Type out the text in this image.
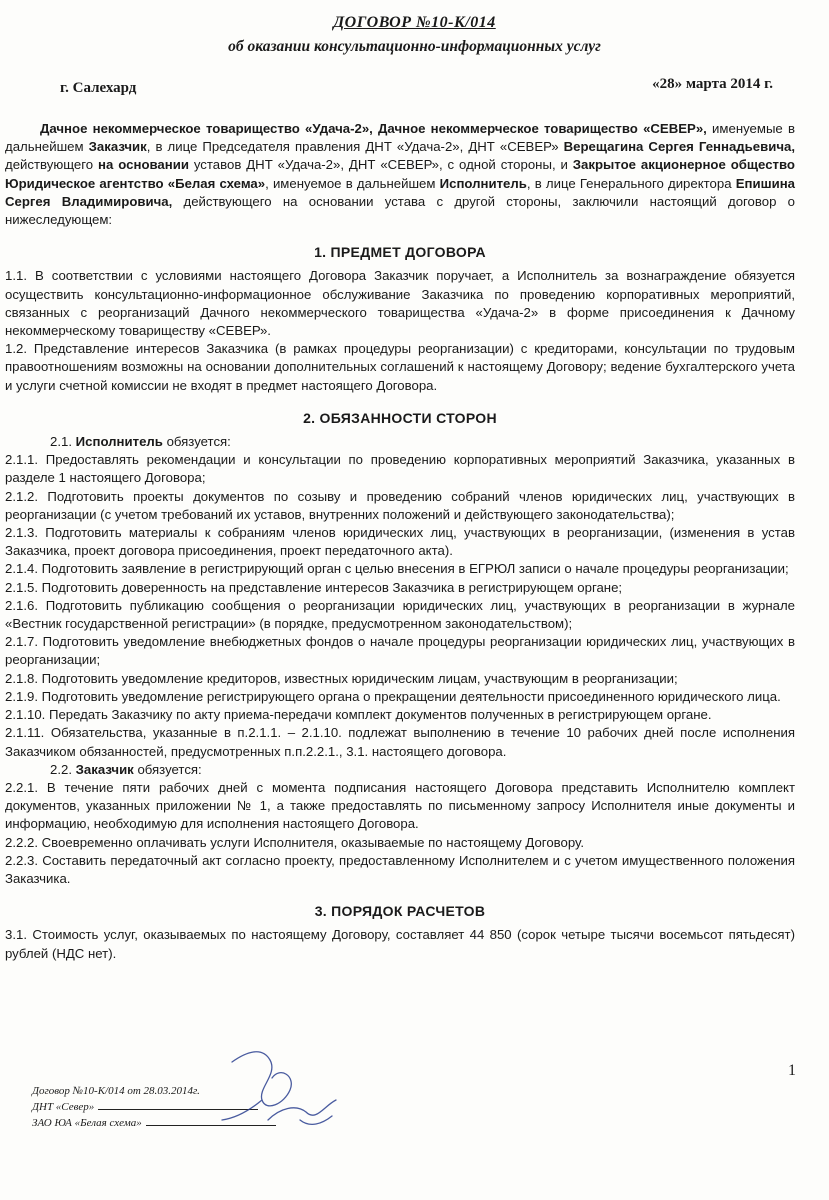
ДОГОВОР №10-К/014
об оказании консультационно-информационных услуг
г. Салехард	«28» марта 2014 г.

Дачное некоммерческое товарищество «Удача-2», Дачное некоммерческое товарищество «СЕВЕР», именуемые в дальнейшем Заказчик, в лице Председателя правления ДНТ «Удача-2», ДНТ «СЕВЕР» Верещагина Сергея Геннадьевича, действующего на основании уставов ДНТ «Удача-2», ДНТ «СЕВЕР», с одной стороны, и Закрытое акционерное общество Юридическое агентство «Белая схема», именуемое в дальнейшем Исполнитель, в лице Генерального директора Епишина Сергея Владимировича, действующего на основании устава с другой стороны, заключили настоящий договор о нижеследующем:

1. ПРЕДМЕТ ДОГОВОРА

1.1. В соответствии с условиями настоящего Договора Заказчик поручает, а Исполнитель за вознаграждение обязуется осуществить консультационно-информационное обслуживание Заказчика по проведению корпоративных мероприятий, связанных с реорганизаций Дачного некоммерческого товарищества «Удача-2» в форме присоединения к Дачному некоммерческому товариществу «СЕВЕР».

1.2. Представление интересов Заказчика (в рамках процедуры реорганизации) с кредиторами, консультации по трудовым правоотношениям возможны на основании дополнительных соглашений к настоящему Договору; ведение бухгалтерского учета и услуги счетной комиссии не входят в предмет настоящего Договора.

2. ОБЯЗАННОСТИ СТОРОН

2.1. Исполнитель обязуется:

2.1.1. Предоставлять рекомендации и консультации по проведению корпоративных мероприятий Заказчика, указанных в разделе 1 настоящего Договора;

2.1.2. Подготовить проекты документов по созыву и проведению собраний членов юридических лиц, участвующих в реорганизации (с учетом требований их уставов, внутренних положений и действующего законодательства);

2.1.3. Подготовить материалы к собраниям членов юридических лиц, участвующих в реорганизации, (изменения в устав Заказчика, проект договора присоединения, проект передаточного акта).

2.1.4. Подготовить заявление в регистрирующий орган с целью внесения в ЕГРЮЛ записи о начале процедуры реорганизации;

2.1.5. Подготовить доверенность на представление интересов Заказчика в регистрирующем органе;

2.1.6. Подготовить публикацию сообщения о реорганизации юридических лиц, участвующих в реорганизации в журнале «Вестник государственной регистрации» (в порядке, предусмотренном законодательством);

2.1.7. Подготовить уведомление внебюджетных фондов о начале процедуры реорганизации юридических лиц, участвующих в реорганизации;

2.1.8. Подготовить уведомление кредиторов, известных юридическим лицам, участвующим в реорганизации;

2.1.9. Подготовить уведомление регистрирующего органа о прекращении деятельности присоединенного юридического лица.

2.1.10. Передать Заказчику по акту приема-передачи комплект документов полученных в регистрирующем органе.

2.1.11. Обязательства, указанные в п.2.1.1. – 2.1.10. подлежат выполнению в течение 10 рабочих дней после исполнения Заказчиком обязанностей, предусмотренных п.п.2.2.1., 3.1. настоящего договора.

2.2. Заказчик обязуется:

2.2.1. В течение пяти рабочих дней с момента подписания настоящего Договора представить Исполнителю комплект документов, указанных приложении № 1, а также предоставлять по письменному запросу Исполнителя иные документы и информацию, необходимую для исполнения настоящего Договора.

2.2.2. Своевременно оплачивать услуги Исполнителя, оказываемые по настоящему Договору.

2.2.3. Составить передаточный акт согласно проекту, предоставленному Исполнителем и с учетом имущественного положения Заказчика.

3. ПОРЯДОК РАСЧЕТОВ

3.1. Стоимость услуг, оказываемых по настоящему Договору, составляет 44 850 (сорок четыре тысячи восемьсот пятьдесят) рублей (НДС нет).

1
Договор №10-К/014 от 28.03.2014г.
ДНТ «Север»
ЗАО ЮА «Белая схема»
